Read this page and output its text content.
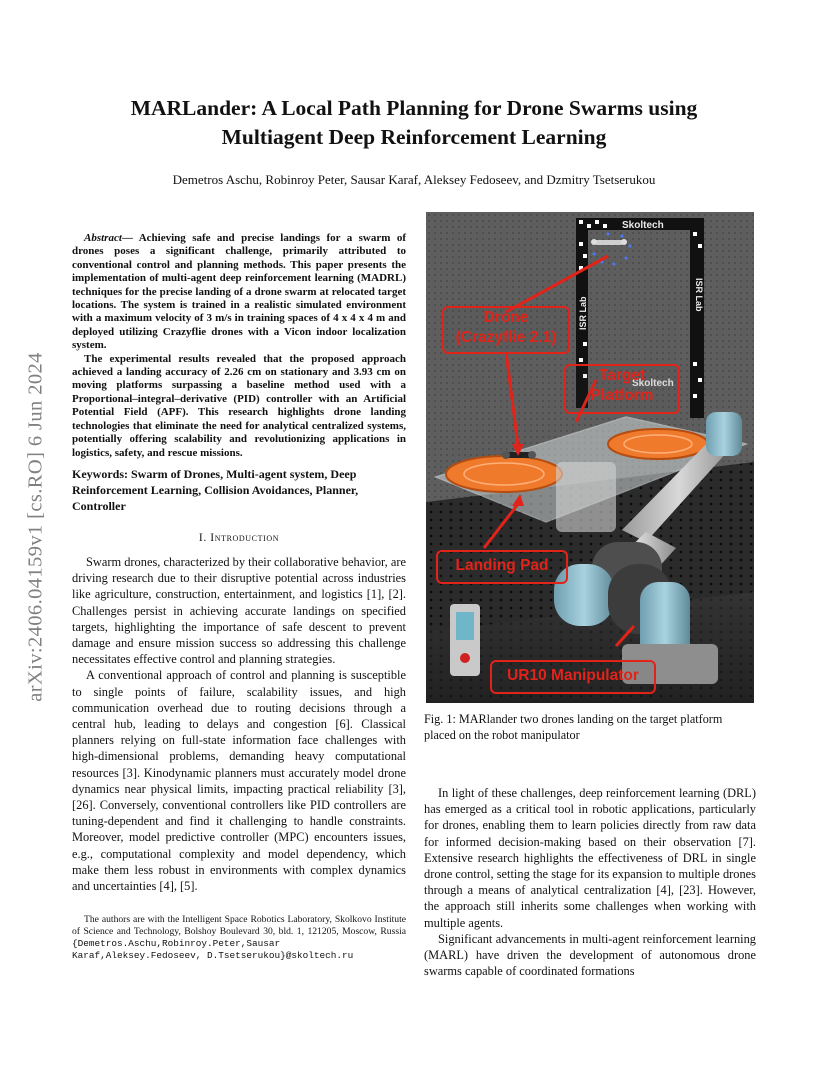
arXiv:2406.04159v1 [cs.RO] 6 Jun 2024
MARLander: A Local Path Planning for Drone Swarms using
Multiagent Deep Reinforcement Learning

Demetros Aschu, Robinroy Peter, Sausar Karaf, Aleksey Fedoseev, and Dzmitry Tsetserukou

Abstract— Achieving safe and precise landings for a swarm of drones poses a significant challenge, primarily attributed to conventional control and planning methods. This paper presents the implementation of multi-agent deep reinforcement learning (MADRL) techniques for the precise landing of a drone swarm at relocated target locations. The system is trained in a realistic simulated environment with a maximum velocity of 3 m/s in training spaces of 4 x 4 x 4 m and deployed utilizing Crazyflie drones with a Vicon indoor localization system.

The experimental results revealed that the proposed approach achieved a landing accuracy of 2.26 cm on stationary and 3.93 cm on moving platforms surpassing a baseline method used with a Proportional–integral–derivative (PID) controller with an Artificial Potential Field (APF). This research highlights drone landing technologies that eliminate the need for analytical centralized systems, potentially offering scalability and revolutionizing applications in logistics, safety, and rescue missions.

Keywords: Swarm of Drones, Multi-agent system, Deep Reinforcement Learning, Collision Avoidances, Planner, Controller

I. Introduction

Swarm drones, characterized by their collaborative behavior, are driving research due to their disruptive potential across industries like agriculture, construction, entertainment, and logistics [1], [2]. Challenges persist in achieving accurate landings on specified targets, highlighting the importance of safe descent to prevent damage and ensure mission success so addressing this challenge necessitates effective control and planning strategies.

A conventional approach of control and planning is susceptible to single points of failure, scalability issues, and high communication overhead due to routing decisions through a central hub, leading to delays and congestion [6]. Classical planners relying on full-state information face challenges with high-dimensional problems, demanding heavy computational resources [3]. Kinodynamic planners must accurately model drone dynamics near physical limits, impacting practical reliability [3], [26]. Conversely, conventional controllers like PID controllers are tuning-dependent and find it challenging to handle constraints. Moreover, model predictive controller (MPC) encounters issues, e.g., computational complexity and model dependency, which make them less robust in environments with complex dynamics and uncertainties [4], [5].

The authors are with the Intelligent Space Robotics Laboratory, Skolkovo Institute of Science and Technology, Bolshoy Boulevard 30, bld. 1, 121205, Moscow, Russia {Demetros.Aschu,Robinroy.Peter,Sausar Karaf,Aleksey.Fedoseev, D.Tsetserukou}@skoltech.ru

Skoltech
ISR Lab
ISR Lab
Skoltech
Drone
(Crazyflie 2.1)
Target
Platform
Landing Pad
UR10 Manipulator

Fig. 1: MARlander two drones landing on the target platform placed on the robot manipulator

In light of these challenges, deep reinforcement learning (DRL) has emerged as a critical tool in robotic applications, particularly for drones, enabling them to learn policies directly from raw data for informed decision-making based on their observation [7]. Extensive research highlights the effectiveness of DRL in single drone control, setting the stage for its expansion to multiple drones through a means of analytical centralization [4], [23]. However, the approach still inherits some challenges when working with multiple agents.

Significant advancements in multi-agent reinforcement learning (MARL) have driven the development of autonomous drone swarms capable of coordinated formations
